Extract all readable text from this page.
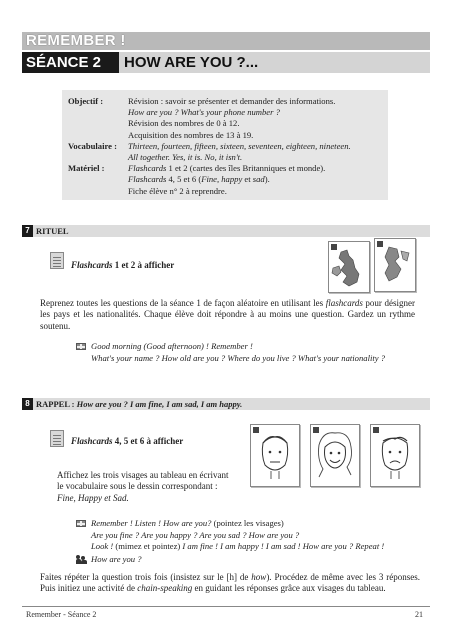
REMEMBER !
SÉANCE 2	HOW ARE YOU ?...
Objectif :	Révision : savoir se présenter et demander des informations.
How are you ? What's your phone number ?
Révision des nombres de 0 à 12.
Acquisition des nombres de 13 à 19.
Vocabulaire :	Thirteen, fourteen, fifteen, sixteen, seventeen, eighteen, nineteen.
All together. Yes, it is. No, it isn't.
Matériel :	Flashcards 1 et 2 (cartes des îles Britanniques et monde).
Flashcards 4, 5 et 6 (Fine, happy et sad).
Fiche élève n° 2 à reprendre.
7 RITUEL
Flashcards 1 et 2 à afficher
Reprenez toutes les questions de la séance 1 de façon aléatoire en utilisant les flashcards pour désigner les pays et les nationalités. Chaque élève doit répondre à au moins une question. Gardez un rythme soutenu.
Good morning (Good afternoon) ! Remember !
What's your name ? How old are you ? Where do you live ? What's your nationality ?
8 RAPPEL : How are you ? I am fine, I am sad, I am happy.
Flashcards 4, 5 et 6 à afficher
Affichez les trois visages au tableau en écrivant
le vocabulaire sous le dessin correspondant :
Fine, Happy et Sad.
Remember ! Listen ! How are you? (pointez les visages)
Are you fine ? Are you happy ? Are you sad ? How are you ?
Look ! (mimez et pointez) I am fine ! I am happy ! I am sad ! How are you ? Repeat !
How are you ?
Faites répéter la question trois fois (insistez sur le [h] de how). Procédez de même avec les 3 réponses. Puis initiez une activité de chain-speaking en guidant les réponses grâce aux visages du tableau.
Remember - Séance 2	21
